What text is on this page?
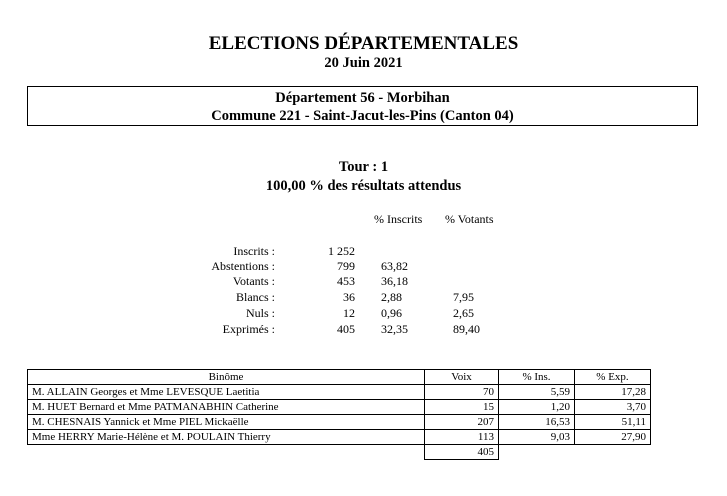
ELECTIONS DÉPARTEMENTALES
20 Juin 2021
Département 56 - Morbihan
Commune 221 - Saint-Jacut-les-Pins (Canton 04)
Tour : 1
100,00 % des résultats attendus
% Inscrits % Votants
Inscrits :	1 252
Abstentions :	799 63,82
Votants :	453 36,18
Blancs :	36 2,88	7,95
Nuls :	12 0,96	2,65
Exprimés :	405 32,35	89,40
Binôme	Voix	% Ins.	% Exp.
M. ALLAIN Georges et Mme LEVESQUE Laetitia	70	5,59	17,28
M. HUET Bernard et Mme PATMANABHIN Catherine	15	1,20	3,70
M. CHESNAIS Yannick et Mme PIEL Mickaëlle	207	16,53	51,11
Mme HERRY Marie-Hélène et M. POULAIN Thierry	113	9,03	27,90
	405		
